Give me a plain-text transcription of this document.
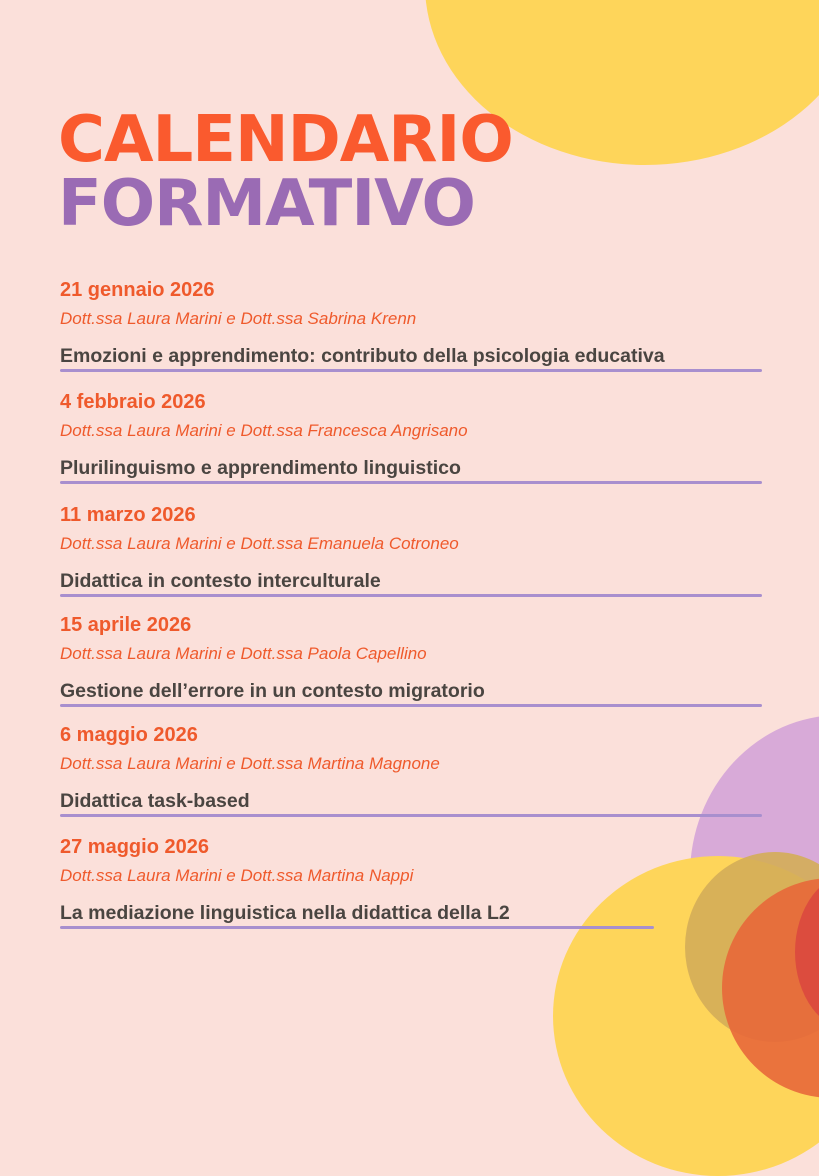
CALENDARIO
FORMATIVO
21 gennaio 2026
Dott.ssa Laura Marini e Dott.ssa Sabrina Krenn
Emozioni e apprendimento: contributo della psicologia educativa
4 febbraio 2026
Dott.ssa Laura Marini e Dott.ssa Francesca Angrisano
Plurilinguismo e apprendimento linguistico
11 marzo 2026
Dott.ssa Laura Marini e Dott.ssa Emanuela Cotroneo
Didattica in contesto interculturale
15 aprile 2026
Dott.ssa Laura Marini e Dott.ssa Paola Capellino
Gestione dell’errore in un contesto migratorio
6 maggio 2026
Dott.ssa Laura Marini e Dott.ssa Martina Magnone
Didattica task-based
27 maggio 2026
Dott.ssa Laura Marini e Dott.ssa Martina Nappi
La mediazione linguistica nella didattica della L2
